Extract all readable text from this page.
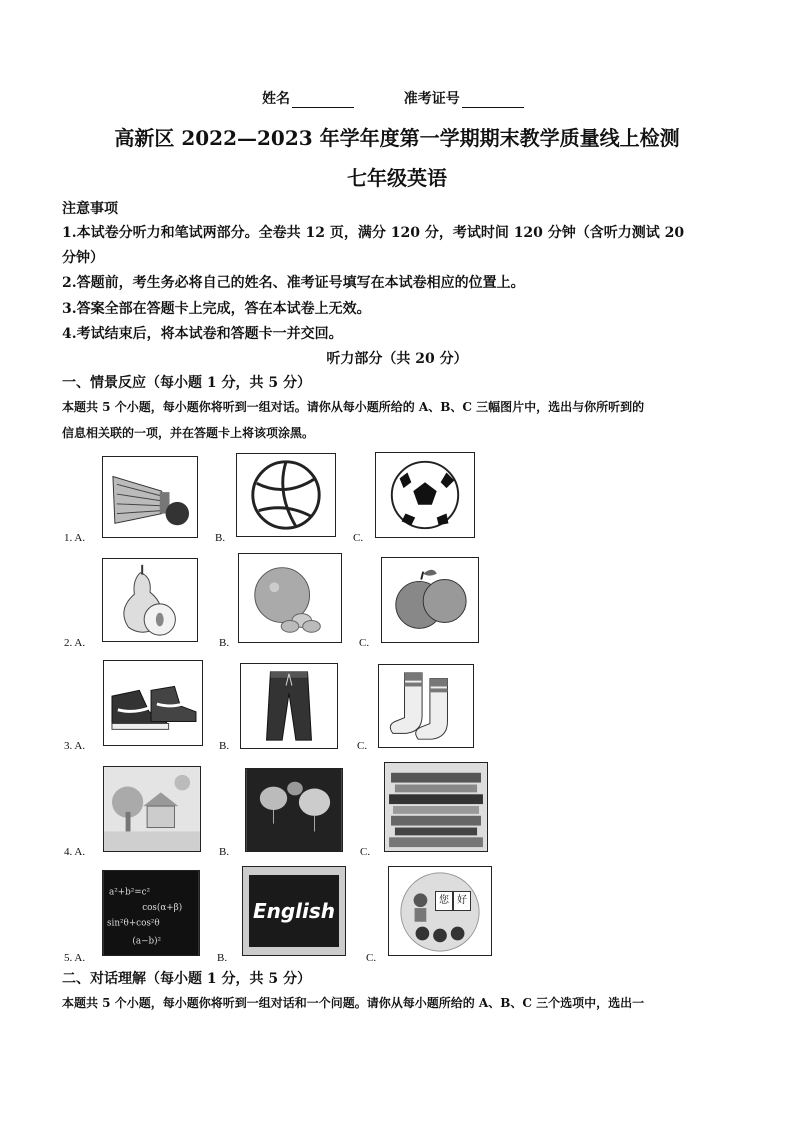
姓名	准考证号
高新区 2022—2023 年学年度第一学期期末教学质量线上检测
七年级英语
注意事项
1.本试卷分听力和笔试两部分。全卷共 12 页，满分 120 分，考试时间 120 分钟（含听力测试 20
分钟）
2.答题前，考生务必将自己的姓名、准考证号填写在本试卷相应的位置上。
3.答案全部在答题卡上完成，答在本试卷上无效。
4.考试结束后，将本试卷和答题卡一并交回。
听力部分（共 20 分）
一、情景反应（每小题 1 分，共 5 分）
本题共 5 个小题，每小题你将听到一组对话。请你从每小题所给的 A、B、C 三幅图片中，选出与你所听到的
信息相关联的一项，并在答题卡上将该项涂黑。
1. A.	B.	C.
2. A.	B.	C.
3. A.	B.	C.
4. A.	B.	C.
5. A.
a²+b²=c²
cos(α+β)
sin²θ+cos²θ
(a−b)²
B.
English
C.
您 好
二、对话理解（每小题 1 分，共 5 分）
本题共 5 个小题，每小题你将听到一组对话和一个问题。请你从每小题所给的 A、B、C 三个选项中，选出一
